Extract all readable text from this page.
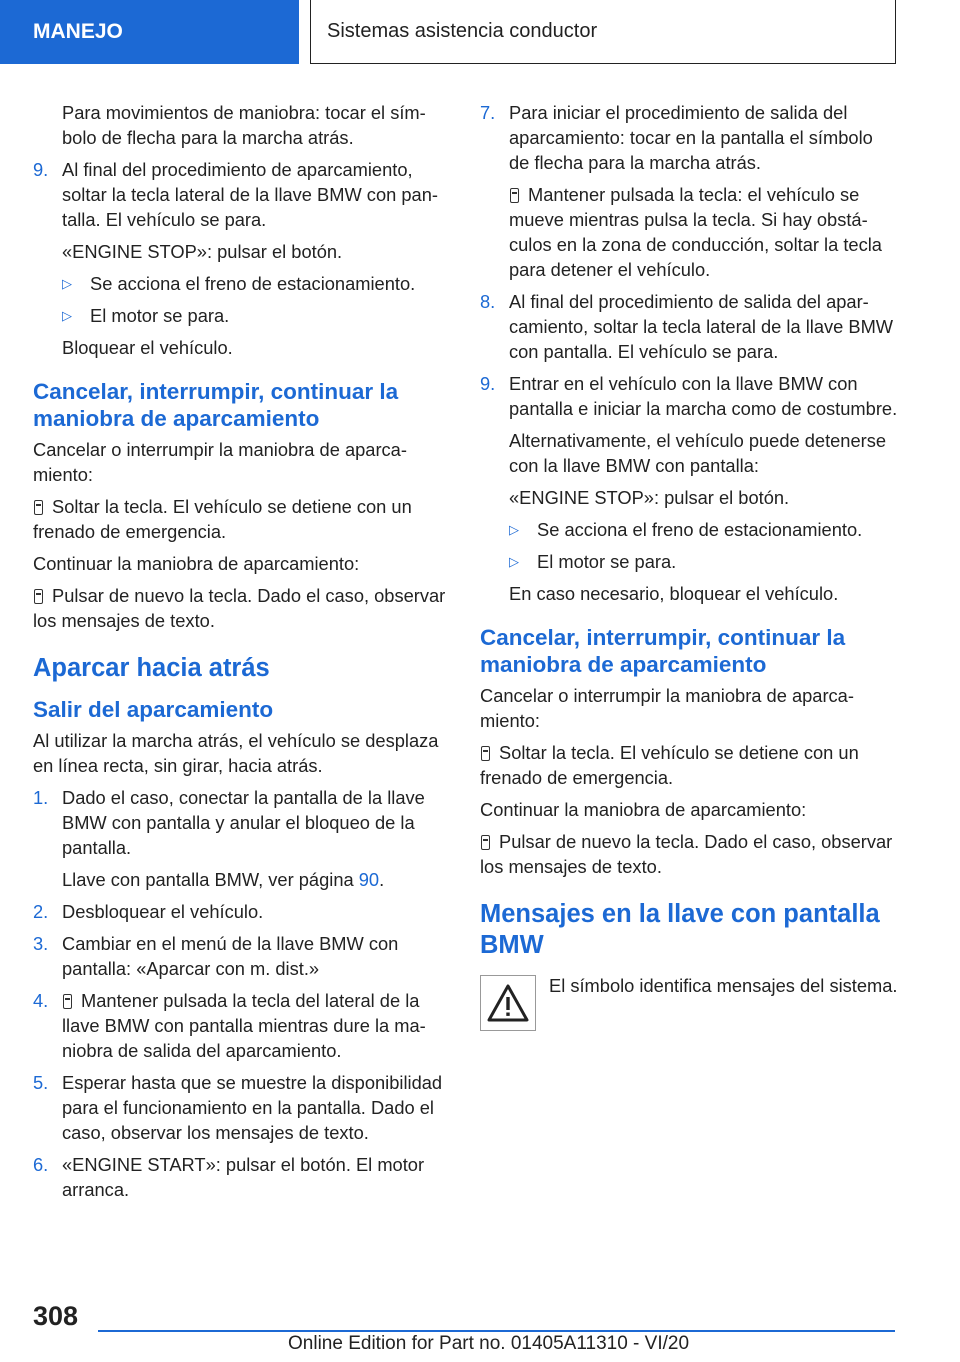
MANEJO	Sistemas asistencia conductor

Para movimientos de maniobra: tocar el símbolo de flecha para la marcha atrás.

9. Al final del procedimiento de aparcamiento, soltar la tecla lateral de la llave BMW con pantalla. El vehículo se para.

«ENGINE STOP»: pulsar el botón.

▷ Se acciona el freno de estacionamiento.
▷ El motor se para.

Bloquear el vehículo.

Cancelar, interrumpir, continuar la maniobra de aparcamiento

Cancelar o interrumpir la maniobra de aparcamiento:

Soltar la tecla. El vehículo se detiene con un frenado de emergencia.

Continuar la maniobra de aparcamiento:

Pulsar de nuevo la tecla. Dado el caso, observar los mensajes de texto.

Aparcar hacia atrás
Salir del aparcamiento

Al utilizar la marcha atrás, el vehículo se desplaza en línea recta, sin girar, hacia atrás.

1. Dado el caso, conectar la pantalla de la llave BMW con pantalla y anular el bloqueo de la pantalla.

Llave con pantalla BMW, ver página 90.

2. Desbloquear el vehículo.
3. Cambiar en el menú de la llave BMW con pantalla: «Aparcar con m. dist.»
4.	Mantener pulsada la tecla del lateral de la llave BMW con pantalla mientras dure la maniobra de salida del aparcamiento.
5. Esperar hasta que se muestre la disponibilidad para el funcionamiento en la pantalla. Dado el caso, observar los mensajes de texto.
6. «ENGINE START»: pulsar el botón. El motor arranca.
7. Para iniciar el procedimiento de salida del aparcamiento: tocar en la pantalla el símbolo de flecha para la marcha atrás.

Mantener pulsada la tecla: el vehículo se mueve mientras pulsa la tecla. Si hay obstáculos en la zona de conducción, soltar la tecla para detener el vehículo.

8. Al final del procedimiento de salida del aparcamiento, soltar la tecla lateral de la llave BMW con pantalla. El vehículo se para.
9. Entrar en el vehículo con la llave BMW con pantalla e iniciar la marcha como de costumbre.

Alternativamente, el vehículo puede detenerse con la llave BMW con pantalla:

«ENGINE STOP»: pulsar el botón.

▷ Se acciona el freno de estacionamiento.
▷ El motor se para.

En caso necesario, bloquear el vehículo.

Cancelar, interrumpir, continuar la maniobra de aparcamiento

Cancelar o interrumpir la maniobra de aparcamiento:

Soltar la tecla. El vehículo se detiene con un frenado de emergencia.

Continuar la maniobra de aparcamiento:

Pulsar de nuevo la tecla. Dado el caso, observar los mensajes de texto.

Mensajes en la llave con pantalla BMW
El símbolo identifica mensajes del sistema.
308
Online Edition for Part no. 01405A11310 - VI/20
